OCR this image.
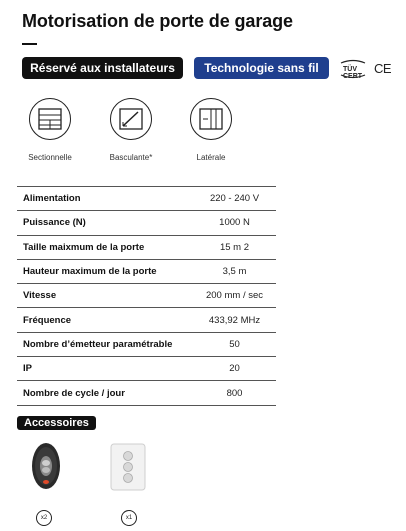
Motorisation de porte de garage
Réservé aux installateurs	Technologie sans fil	TÜV
CERT
CE
Sectionnelle	Basculante*	Latérale
Alimentation	220 - 240 V
Puissance (N)	1000 N
Taille maixmum de la porte	15 m 2
Hauteur maximum de la porte	3,5 m
Vitesse	200 mm / sec
Fréquence	433,92 MHz
Nombre d’émetteur paramétrable	50
IP	20
Nombre de cycle / jour	800
Accessoires
x2	x1
